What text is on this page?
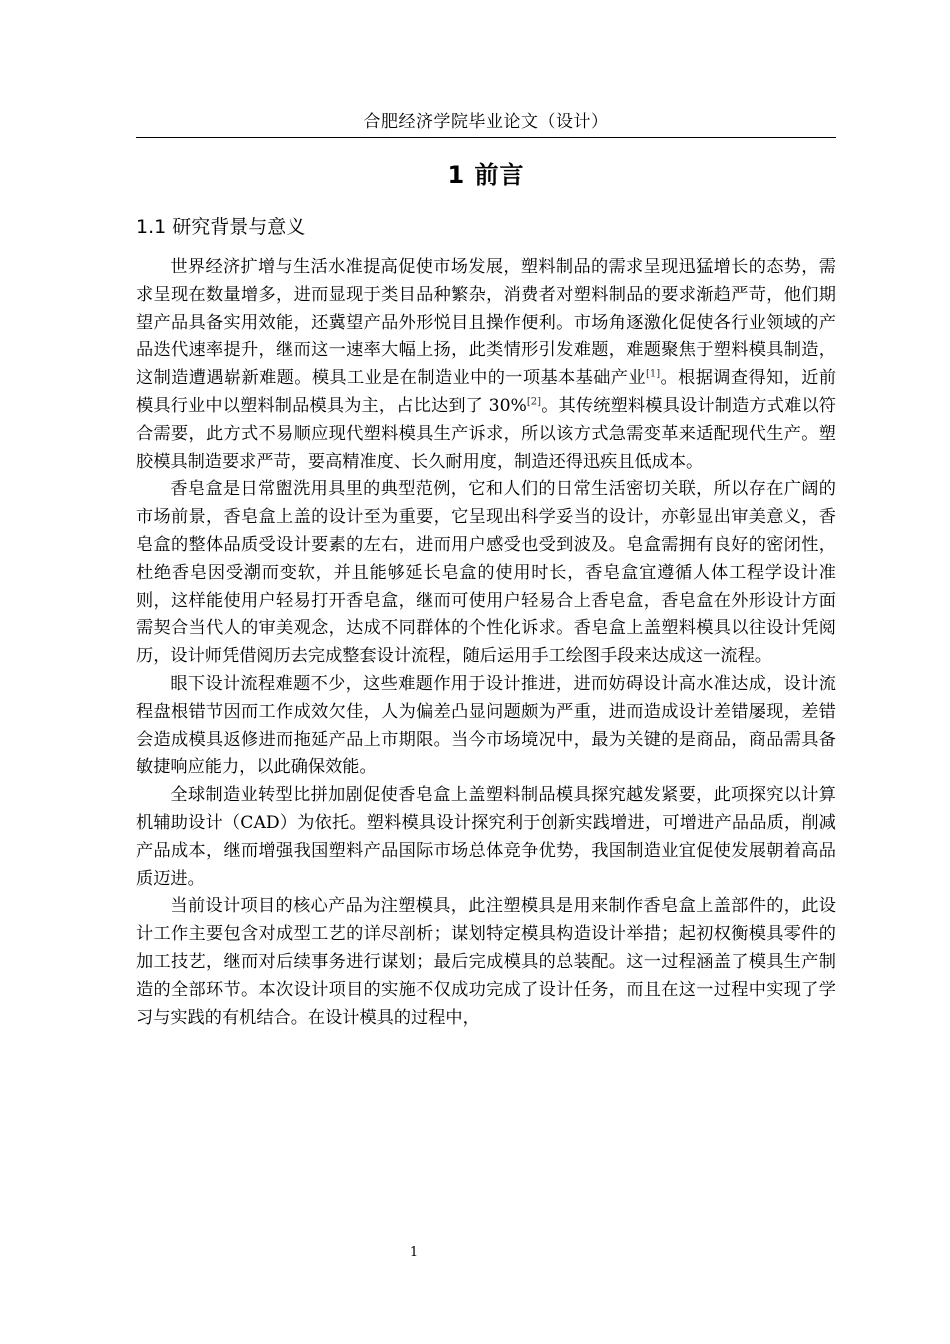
合肥经济学院毕业论文（设计）
1 前言
1.1 研究背景与意义

世界经济扩增与生活水准提高促使市场发展，塑料制品的需求呈现迅猛增长的态势，需求呈现在数量增多，进而显现于类目品种繁杂，消费者对塑料制品的要求渐趋严苛，他们期望产品具备实用效能，还冀望产品外形悦目且操作便利。市场角逐激化促使各行业领域的产品迭代速率提升，继而这一速率大幅上扬，此类情形引发难题，难题聚焦于塑料模具制造，这制造遭遇崭新难题。模具工业是在制造业中的一项基本基础产业[1]。根据调查得知，近前模具行业中以塑料制品模具为主，占比达到了 30%[2]。其传统塑料模具设计制造方式难以符合需要，此方式不易顺应现代塑料模具生产诉求，所以该方式急需变革来适配现代生产。塑胶模具制造要求严苛，要高精准度、长久耐用度，制造还得迅疾且低成本。

香皂盒是日常盥洗用具里的典型范例，它和人们的日常生活密切关联，所以存在广阔的市场前景，香皂盒上盖的设计至为重要，它呈现出科学妥当的设计，亦彰显出审美意义，香皂盒的整体品质受设计要素的左右，进而用户感受也受到波及。皂盒需拥有良好的密闭性，杜绝香皂因受潮而变软，并且能够延长皂盒的使用时长，香皂盒宜遵循人体工程学设计准则，这样能使用户轻易打开香皂盒，继而可使用户轻易合上香皂盒，香皂盒在外形设计方面需契合当代人的审美观念，达成不同群体的个性化诉求。香皂盒上盖塑料模具以往设计凭阅历，设计师凭借阅历去完成整套设计流程，随后运用手工绘图手段来达成这一流程。

眼下设计流程难题不少，这些难题作用于设计推进，进而妨碍设计高水准达成，设计流程盘根错节因而工作成效欠佳，人为偏差凸显问题颇为严重，进而造成设计差错屡现，差错会造成模具返修进而拖延产品上市期限。当今市场境况中，最为关键的是商品，商品需具备敏捷响应能力，以此确保效能。

全球制造业转型比拼加剧促使香皂盒上盖塑料制品模具探究越发紧要，此项探究以计算机辅助设计（CAD）为依托。塑料模具设计探究利于创新实践增进，可增进产品品质，削减产品成本，继而增强我国塑料产品国际市场总体竞争优势，我国制造业宜促使发展朝着高品质迈进。

当前设计项目的核心产品为注塑模具，此注塑模具是用来制作香皂盒上盖部件的，此设计工作主要包含对成型工艺的详尽剖析；谋划特定模具构造设计举措；起初权衡模具零件的加工技艺，继而对后续事务进行谋划；最后完成模具的总装配。这一过程涵盖了模具生产制造的全部环节。本次设计项目的实施不仅成功完成了设计任务，而且在这一过程中实现了学习与实践的有机结合。在设计模具的过程中，

1
